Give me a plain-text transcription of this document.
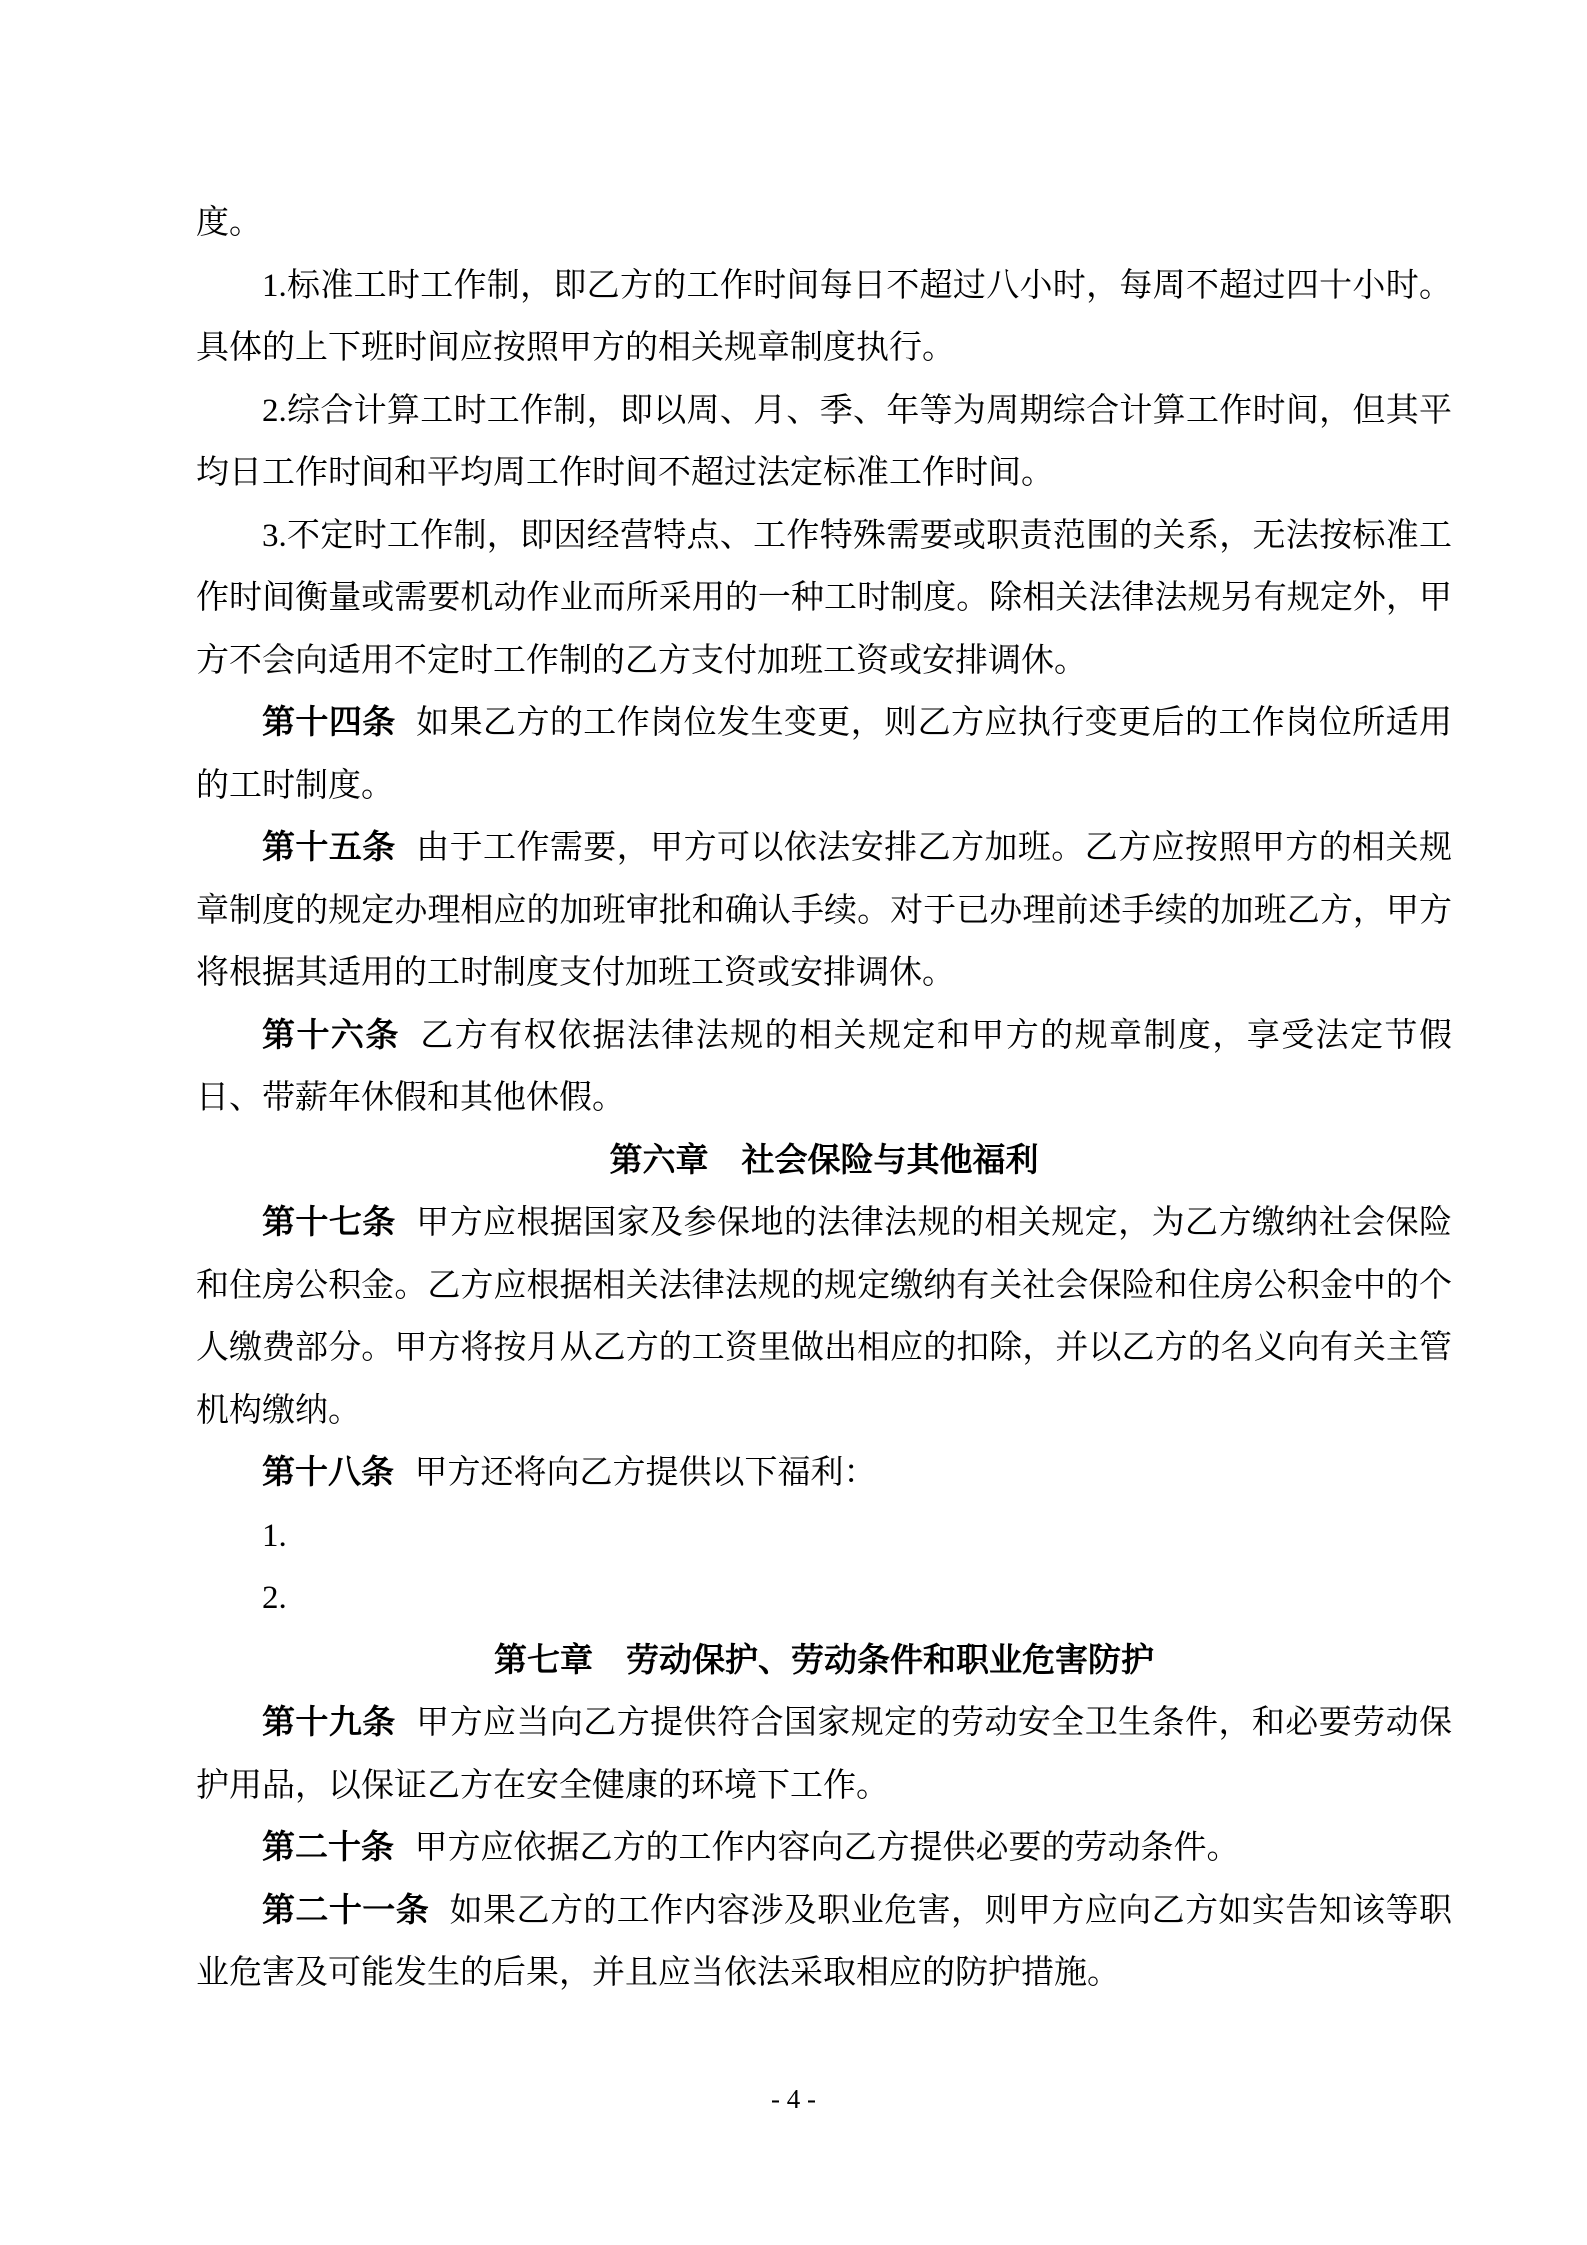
度。

1.标准工时工作制，即乙方的工作时间每日不超过八小时，每周不超过四十小时。具体的上下班时间应按照甲方的相关规章制度执行。

2.综合计算工时工作制，即以周、月、季、年等为周期综合计算工作时间，但其平均日工作时间和平均周工作时间不超过法定标准工作时间。

3.不定时工作制，即因经营特点、工作特殊需要或职责范围的关系，无法按标准工作时间衡量或需要机动作业而所采用的一种工时制度。除相关法律法规另有规定外，甲方不会向适用不定时工作制的乙方支付加班工资或安排调休。

第十四条 如果乙方的工作岗位发生变更，则乙方应执行变更后的工作岗位所适用的工时制度。

第十五条 由于工作需要，甲方可以依法安排乙方加班。乙方应按照甲方的相关规章制度的规定办理相应的加班审批和确认手续。对于已办理前述手续的加班乙方，甲方将根据其适用的工时制度支付加班工资或安排调休。

第十六条 乙方有权依据法律法规的相关规定和甲方的规章制度，享受法定节假日、带薪年休假和其他休假。

第六章 社会保险与其他福利

第十七条 甲方应根据国家及参保地的法律法规的相关规定，为乙方缴纳社会保险和住房公积金。乙方应根据相关法律法规的规定缴纳有关社会保险和住房公积金中的个人缴费部分。甲方将按月从乙方的工资里做出相应的扣除，并以乙方的名义向有关主管机构缴纳。

第十八条 甲方还将向乙方提供以下福利：

1.

2.

第七章 劳动保护、劳动条件和职业危害防护

第十九条 甲方应当向乙方提供符合国家规定的劳动安全卫生条件，和必要劳动保护用品，以保证乙方在安全健康的环境下工作。

第二十条 甲方应依据乙方的工作内容向乙方提供必要的劳动条件。

第二十一条 如果乙方的工作内容涉及职业危害，则甲方应向乙方如实告知该等职业危害及可能发生的后果，并且应当依法采取相应的防护措施。

- 4 -
